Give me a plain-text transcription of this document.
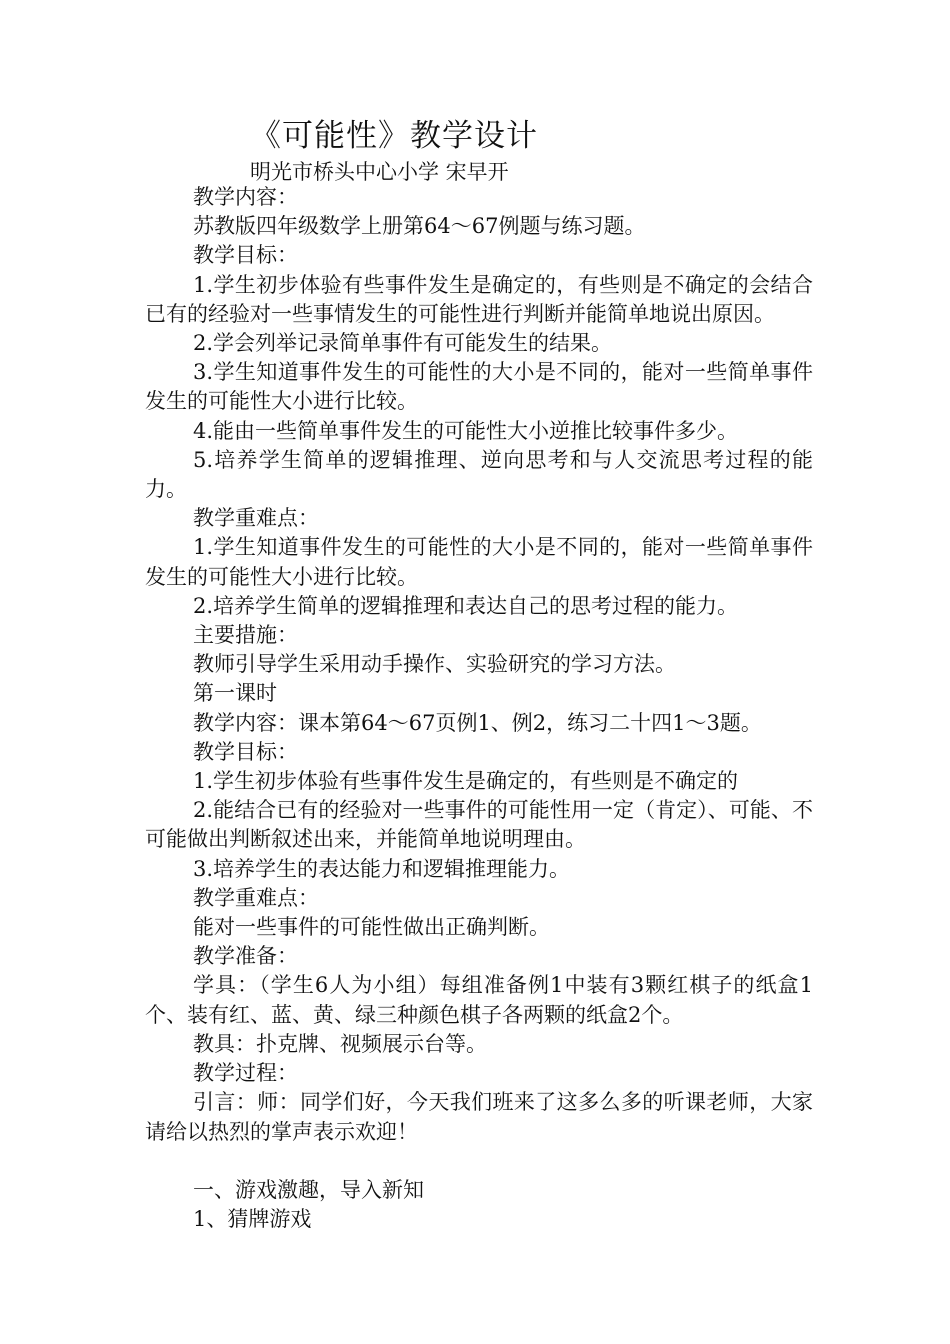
《可能性》教学设计
明光市桥头中心小学 宋早开

教学内容：

苏教版四年级数学上册第64～67例题与练习题。

教学目标：

1.学生初步体验有些事件发生是确定的，有些则是不确定的会结合已有的经验对一些事情发生的可能性进行判断并能简单地说出原因。

2.学会列举记录简单事件有可能发生的结果。

3.学生知道事件发生的可能性的大小是不同的，能对一些简单事件发生的可能性大小进行比较。

4.能由一些简单事件发生的可能性大小逆推比较事件多少。

5.培养学生简单的逻辑推理、逆向思考和与人交流思考过程的能力。

教学重难点：

1.学生知道事件发生的可能性的大小是不同的，能对一些简单事件发生的可能性大小进行比较。

2.培养学生简单的逻辑推理和表达自己的思考过程的能力。

主要措施：

教师引导学生采用动手操作、实验研究的学习方法。

第一课时

教学内容：课本第64～67页例1、例2，练习二十四1～3题。

教学目标：

1.学生初步体验有些事件发生是确定的，有些则是不确定的

2.能结合已有的经验对一些事件的可能性用一定（肯定）、可能、不可能做出判断叙述出来，并能简单地说明理由。

3.培养学生的表达能力和逻辑推理能力。

教学重难点：

能对一些事件的可能性做出正确判断。

教学准备：

学具：（学生6人为小组）每组准备例1中装有3颗红棋子的纸盒1个、装有红、蓝、黄、绿三种颜色棋子各两颗的纸盒2个。

教具：扑克牌、视频展示台等。

教学过程：

引言：师：同学们好，今天我们班来了这多么多的听课老师，大家请给以热烈的掌声表示欢迎！

一、游戏激趣，导入新知

1、猜牌游戏
